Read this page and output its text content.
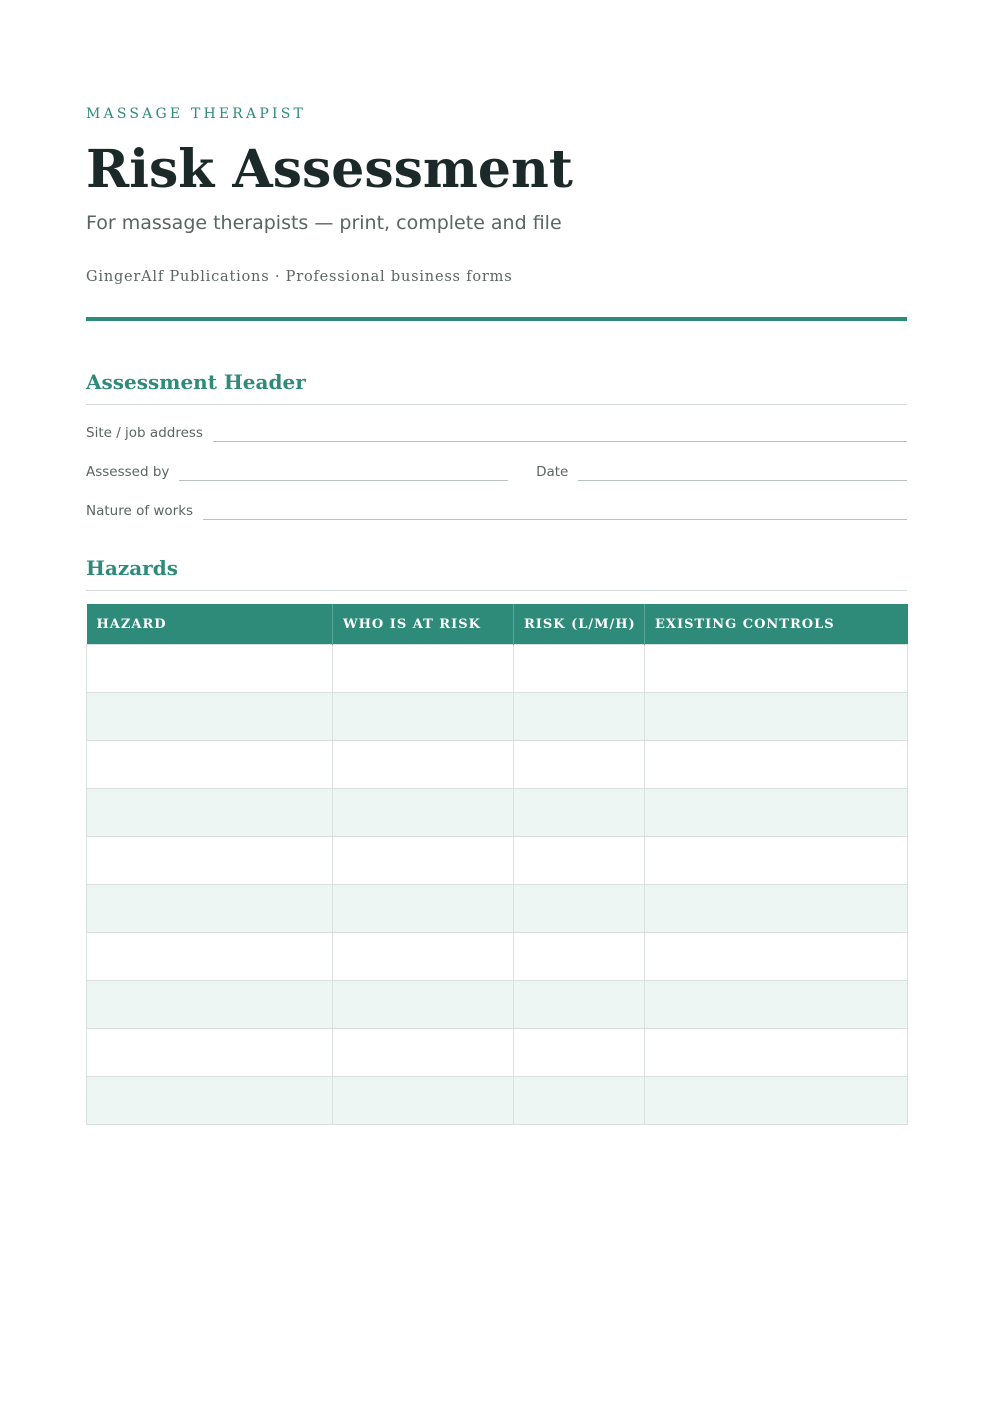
MASSAGE THERAPIST
Risk Assessment
For massage therapists — print, complete and file
GingerAlf Publications · Professional business forms
Assessment Header
Site / job address
Assessed by	Date
Nature of works
Hazards
HAZARD	WHO IS AT RISK	RISK (L/M/H)	EXISTING CONTROLS
